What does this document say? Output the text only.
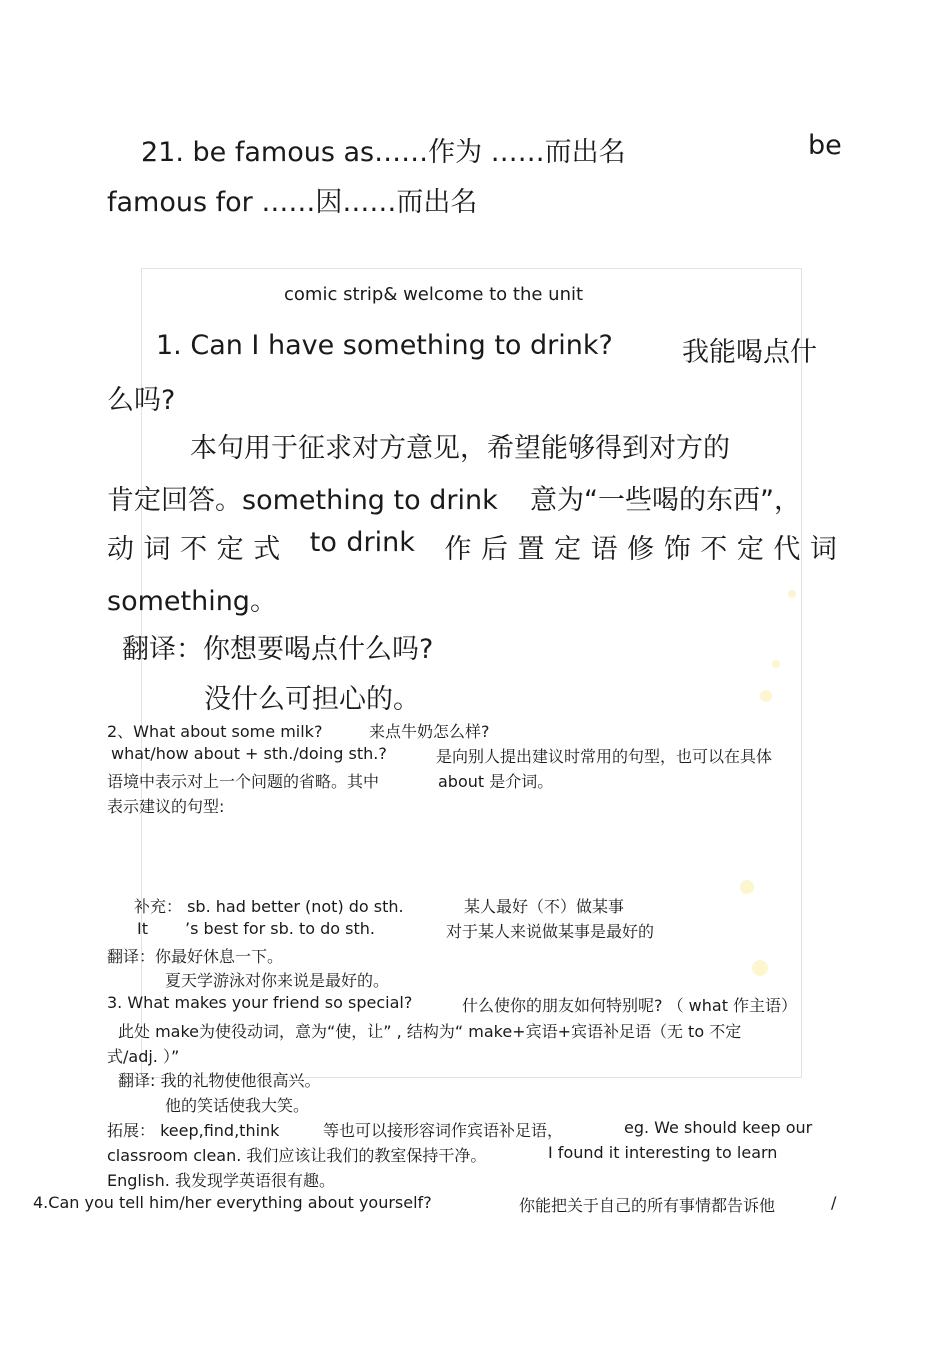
21. be famous as……作为 ……而出名	be
famous for ……因……而出名
comic strip& welcome to the unit
1. Can I have something to drink?	我能喝点什
么吗?
本句用于征求对方意见，希望能够得到对方的
肯定回答。something to drink 意为“一些喝的东西”，
动 词 不 定 式 to drink 作 后 置 定 语 修 饰 不 定 代 词
something。
翻译：你想要喝点什么吗?
没什么可担心的。
2、What about some milk?	来点牛奶怎么样?
what/how about + sth./doing sth.?	是向别人提出建议时常用的句型，也可以在具体
语境中表示对上一个问题的省略。其中	about 是介词。
表示建议的句型:
补充： sb. had better (not) do sth.	某人最好（不）做某事
It ’s best for sb. to do sth.	对于某人来说做某事是最好的
翻译：你最好休息一下。
夏天学游泳对你来说是最好的。
3. What makes your friend so special?	什么使你的朋友如何特别呢? （ what 作主语）
此处 make为使役动词，意为“使，让” , 结构为“ make+宾语+宾语补足语（无 to 不定
式/adj. ）”
翻译: 我的礼物使他很高兴。
他的笑话使我大笑。
拓展： keep,find,think	等也可以接形容词作宾语补足语，	eg. We should keep our
classroom clean. 我们应该让我们的教室保持干净。	I found it interesting to learn
English. 我发现学英语很有趣。
4.Can you tell him/her everything about yourself?	你能把关于自己的所有事情都告诉他	/
